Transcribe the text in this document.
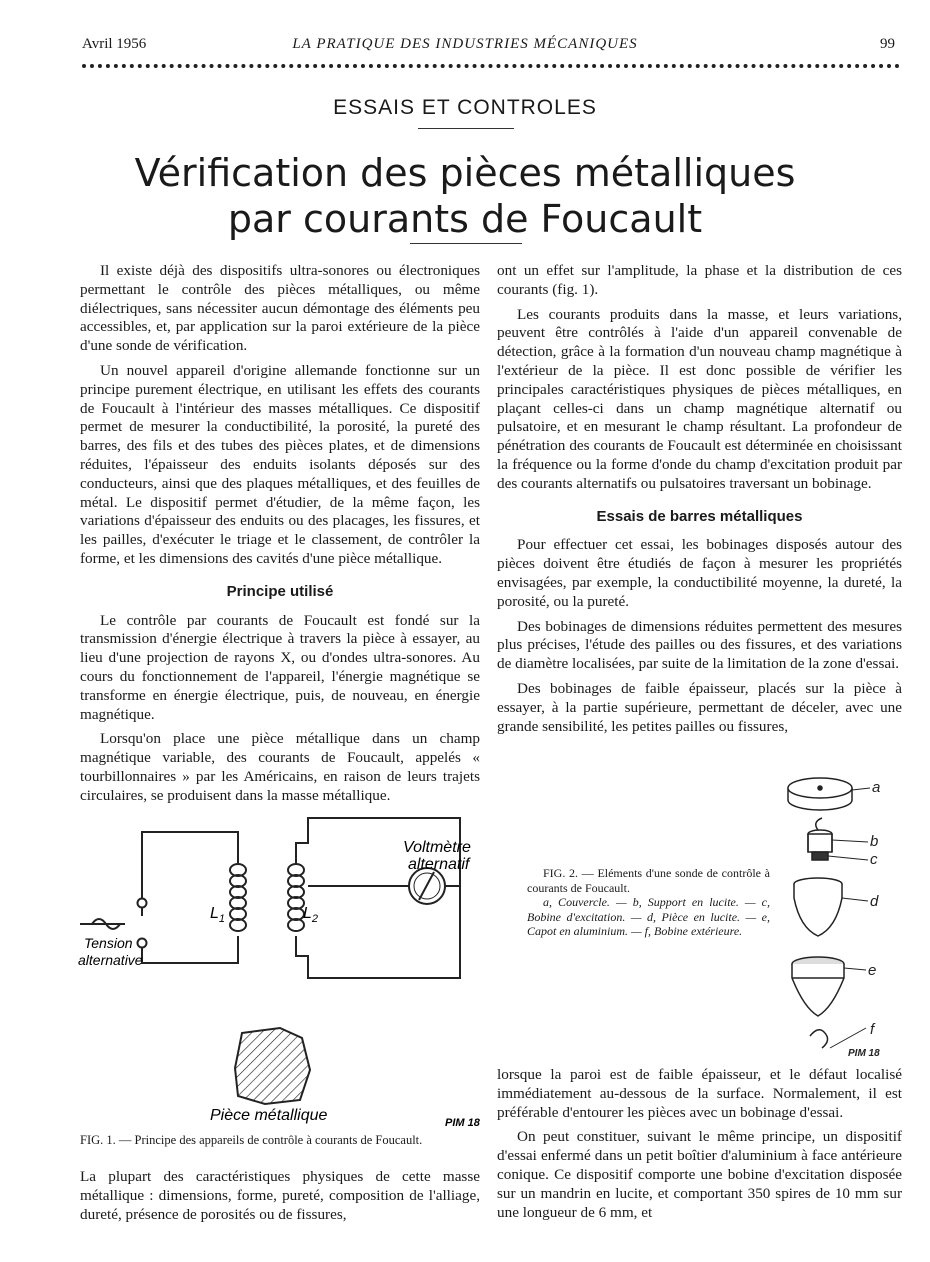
Avril 1956	LA PRATIQUE DES INDUSTRIES MÉCANIQUES	99
ESSAIS ET CONTROLES
Vérification des pièces métalliques
par courants de Foucault

Il existe déjà des dispositifs ultra-sonores ou électroniques permettant le contrôle des pièces métalliques, ou même diélectriques, sans nécessiter aucun démontage des éléments peu accessibles, et, par application sur la paroi extérieure de la pièce d'une sonde de vérification.

Un nouvel appareil d'origine allemande fonctionne sur un principe purement électrique, en utilisant les effets des courants de Foucault à l'intérieur des masses métalliques. Ce dispositif permet de mesurer la conductibilité, la porosité, la pureté des barres, des fils et des tubes des pièces plates, et de dimensions réduites, l'épaisseur des enduits isolants déposés sur des conducteurs, ainsi que des plaques métalliques, et des feuilles de métal. Le dispositif permet d'étudier, de la même façon, les variations d'épaisseur des enduits ou des placages, les fissures, et les pailles, d'exécuter le triage et le classement, de contrôler la forme, et les dimensions des cavités d'une pièce métallique.

Principe utilisé

Le contrôle par courants de Foucault est fondé sur la transmission d'énergie électrique à travers la pièce à essayer, au lieu d'une projection de rayons X, ou d'ondes ultra-sonores. Au cours du fonctionnement de l'appareil, l'énergie magnétique se transforme en énergie électrique, puis, de nouveau, en énergie magnétique.

Lorsqu'on place une pièce métallique dans un champ magnétique variable, des courants de Foucault, appelés « tourbillonnaires » par les Américains, en raison de leurs trajets circulaires, se produisent dans la masse métallique.

$L_1$	$L_2$
Voltmètre
alternatif
Tension
alternative
Pièce métallique	PIM 18
FIG. 1. — Principe des appareils de contrôle à courants de Foucault.

La plupart des caractéristiques physiques de cette masse métallique : dimensions, forme, pureté, composition de l'alliage, dureté, présence de porosités ou de fissures,

ont un effet sur l'amplitude, la phase et la distribution de ces courants (fig. 1).

Les courants produits dans la masse, et leurs variations, peuvent être contrôlés à l'aide d'un appareil convenable de détection, grâce à la formation d'un nouveau champ magnétique à l'extérieur de la pièce. Il est donc possible de vérifier les principales caractéristiques physiques de pièces métalliques, en plaçant celles-ci dans un champ magnétique alternatif ou pulsatoire, et en mesurant le champ résultant. La profondeur de pénétration des courants de Foucault est déterminée en choisissant la fréquence ou la forme d'onde du champ d'excitation produit par des courants alternatifs ou pulsatoires traversant un bobinage.

Essais de barres métalliques

Pour effectuer cet essai, les bobinages disposés autour des pièces doivent être étudiés de façon à mesurer les propriétés envisagées, par exemple, la conductibilité moyenne, la dureté, la porosité, ou la pureté.

Des bobinages de dimensions réduites permettent des mesures plus précises, l'étude des pailles ou des fissures, et des variations de diamètre localisées, par suite de la limitation de la zone d'essai.

Des bobinages de faible épaisseur, placés sur la pièce à essayer, à la partie supérieure, permettant de déceler, avec une grande sensibilité, les petites pailles ou fissures,

FIG. 2. — Eléments d'une sonde de contrôle à courants de Foucault.
a, Couvercle. — b, Support en lucite. — c, Bobine d'excitation. — d, Pièce en lucite. — e, Capot en aluminium. — f, Bobine extérieure.
a
b
c
d
e
f
PIM 18

lorsque la paroi est de faible épaisseur, et le défaut localisé immédiatement au-dessous de la surface. Normalement, il est préférable d'entourer les pièces avec un bobinage d'essai.

On peut constituer, suivant le même principe, un dispositif d'essai enfermé dans un petit boîtier d'aluminium à face antérieure conique. Ce dispositif comporte une bobine d'excitation disposée sur un mandrin en lucite, et comportant 350 spires de 10 mm sur une longueur de 6 mm, et
